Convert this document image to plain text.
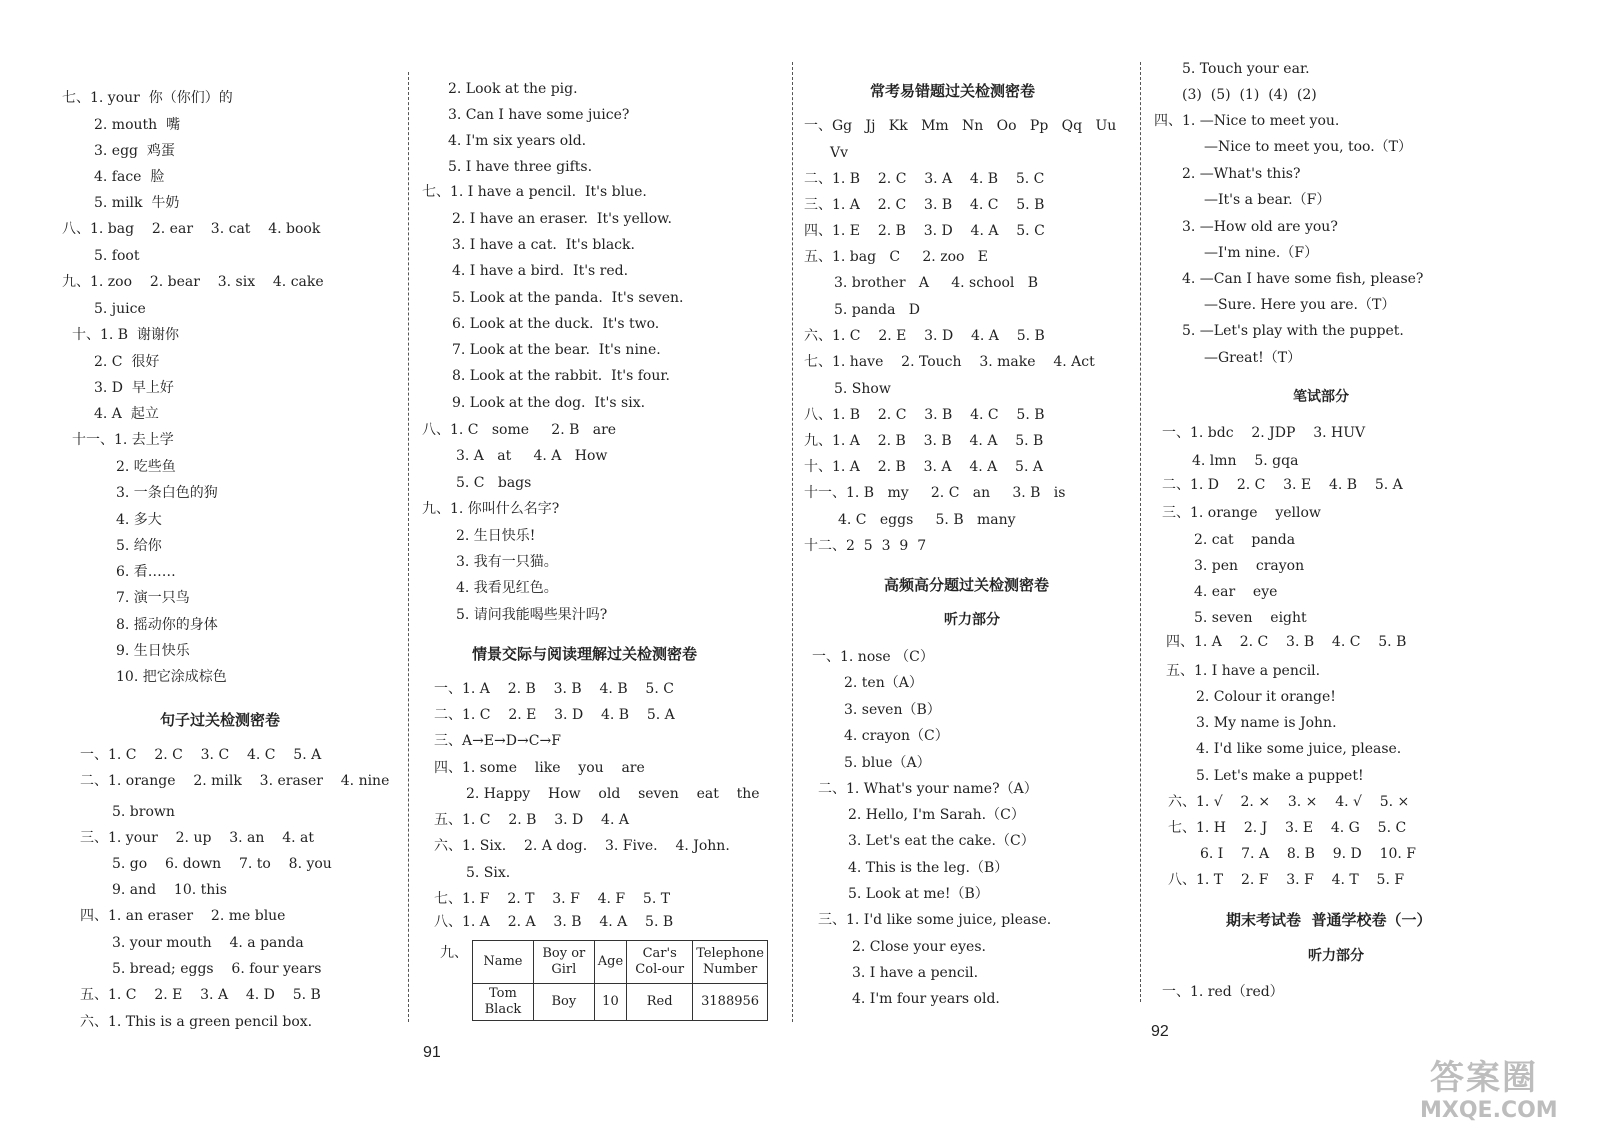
七、1. your  你（你们）的
2. mouth  嘴
3. egg  鸡蛋
4. face  脸
5. milk  牛奶
八、1. bag    2. ear    3. cat    4. book
5. foot
九、1. zoo    2. bear    3. six    4. cake
5. juice
十、1. B  谢谢你
2. C  很好
3. D  早上好
4. A  起立
十一、1. 去上学
2. 吃些鱼
3. 一条白色的狗
4. 多大
5. 给你
6. 看……
7. 演一只鸟
8. 摇动你的身体
9. 生日快乐
10. 把它涂成棕色
句子过关检测密卷
一、1. C    2. C    3. C    4. C    5. A
二、1. orange    2. milk    3. eraser    4. nine
5. brown
三、1. your    2. up    3. an    4. at
5. go    6. down    7. to    8. you
9. and    10. this
四、1. an eraser    2. me blue
3. your mouth    4. a panda
5. bread; eggs    6. four years
五、1. C    2. E    3. A    4. D    5. B
六、1. This is a green pencil box.
2. Look at the pig.
3. Can I have some juice?
4. I'm six years old.
5. I have three gifts.
七、1. I have a pencil.  It's blue.
2. I have an eraser.  It's yellow.
3. I have a cat.  It's black.
4. I have a bird.  It's red.
5. Look at the panda.  It's seven.
6. Look at the duck.  It's two.
7. Look at the bear.  It's nine.
8. Look at the rabbit.  It's four.
9. Look at the dog.  It's six.
八、1. C   some     2. B   are
3. A   at     4. A   How
5. C   bags
九、1. 你叫什么名字?
2. 生日快乐!
3. 我有一只猫。
4. 我看见红色。
5. 请问我能喝些果汁吗?
情景交际与阅读理解过关检测密卷
一、1. A    2. B    3. B    4. B    5. C
二、1. C    2. E    3. D    4. B    5. A
三、A→E→D→C→F
四、1. some    like    you    are
2. Happy    How    old    seven    eat    the
五、1. C    2. B    3. D    4. A
六、1. Six.    2. A dog.    3. Five.    4. John.
5. Six.
七、1. F    2. T    3. F    4. F    5. T
八、1. A    2. A    3. B    4. A    5. B
九、
Name	Boy or Girl	Age	Car's Col-our	Telephone Number
Tom Black	Boy	10	Red	3188956
91
常考易错题过关检测密卷
一、Gg   Jj   Kk   Mm   Nn   Oo   Pp   Qq   Uu
Vv
二、1. B    2. C    3. A    4. B    5. C
三、1. A    2. C    3. B    4. C    5. B
四、1. E    2. B    3. D    4. A    5. C
五、1. bag   C     2. zoo   E
3. brother   A     4. school   B
5. panda   D
六、1. C    2. E    3. D    4. A    5. B
七、1. have    2. Touch    3. make    4. Act
5. Show
八、1. B    2. C    3. B    4. C    5. B
九、1. A    2. B    3. B    4. A    5. B
十、1. A    2. B    3. A    4. A    5. A
十一、1. B   my     2. C   an     3. B   is
4. C   eggs     5. B   many
十二、2  5  3  9  7
高频高分题过关检测密卷
听力部分
一、1. nose （C）
2. ten（A）
3. seven（B）
4. crayon（C）
5. blue（A）
二、1. What's your name?（A）
2. Hello, I'm Sarah.（C）
3. Let's eat the cake.（C）
4. This is the leg.（B）
5. Look at me!（B）
三、1. I'd like some juice, please.
2. Close your eyes.
3. I have a pencil.
4. I'm four years old.
5. Touch your ear.
(3)  (5)  (1)  (4)  (2)
四、1. —Nice to meet you.
—Nice to meet you, too.（T）
2. —What's this?
—It's a bear.（F）
3. —How old are you?
—I'm nine.（F）
4. —Can I have some fish, please?
—Sure. Here you are.（T）
5. —Let's play with the puppet.
—Great!（T）
笔试部分
一、1. bdc    2. JDP    3. HUV
4. lmn    5. gqa
二、1. D    2. C    3. E    4. B    5. A
三、1. orange    yellow
2. cat    panda
3. pen    crayon
4. ear    eye
5. seven    eight
四、1. A    2. C    3. B    4. C    5. B
五、1. I have a pencil.
2. Colour it orange!
3. My name is John.
4. I'd like some juice, please.
5. Let's make a puppet!
六、1. √    2. ×    3. ×    4. √    5. ×
七、1. H    2. J    3. E    4. G    5. C
6. I    7. A    8. B    9. D    10. F
八、1. T    2. F    3. F    4. T    5. F
期末考试卷  普通学校卷（一）
听力部分
一、1. red（red）
92
答案圈
MXQE.COM
